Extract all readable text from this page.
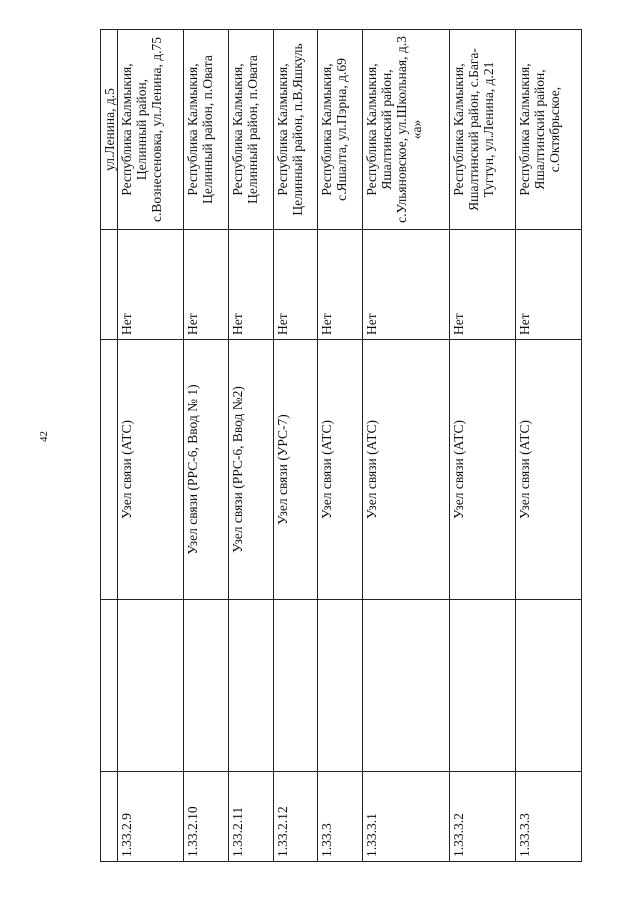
42
				ул.Ленина, д.5	
1.33.2.9		Узел связи (АТС)	Нет	Республика Калмыкия, Целинный район, с.Вознесеновка, ул.Ленина, д.75	
1.33.2.10		Узел связи (РРС-6, Ввод № 1)	Нет	Республика Калмыкия, Целинный район, п.Овата	
1.33.2.11		Узел связи (РРС-6, Ввод №2)	Нет	Республика Калмыкия, Целинный район, п.Овата	
1.33.2.12		Узел связи (УРС-7)	Нет	Республика Калмыкия, Целинный район, п.В.Яшкуль	
1.33.3		Узел связи (АТС)	Нет	Республика Калмыкия, с.Яшалта, ул.Пэрна, д.69	
1.33.3.1		Узел связи (АТС)	Нет	Республика Калмыкия, Яшалтинский район, с.Ульяновское, ул.Школьная, д.3 «а»	
1.33.3.2		Узел связи (АТС)	Нет	Республика Калмыкия, Яшалтинский район, с.Бага-Тугтун, ул.Ленина, д.21	
1.33.3.3		Узел связи (АТС)	Нет	Республика Калмыкия, Яшалтинский район, с.Октябрьское,	
